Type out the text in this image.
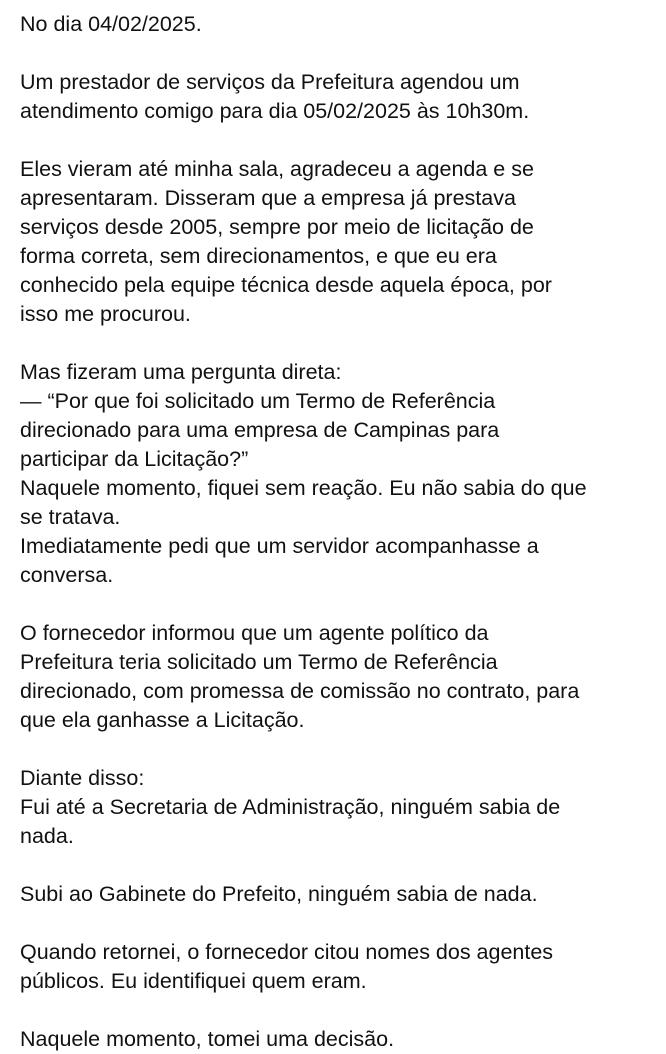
No dia 04/02/2025.
Um prestador de serviços da Prefeitura agendou um
atendimento comigo para dia 05/02/2025 às 10h30m.
Eles vieram até minha sala, agradeceu a agenda e se
apresentaram. Disseram que a empresa já prestava
serviços desde 2005, sempre por meio de licitação de
forma correta, sem direcionamentos, e que eu era
conhecido pela equipe técnica desde aquela época, por
isso me procurou.
Mas fizeram uma pergunta direta:
— “Por que foi solicitado um Termo de Referência
direcionado para uma empresa de Campinas para
participar da Licitação?”
Naquele momento, fiquei sem reação. Eu não sabia do que
se tratava.
Imediatamente pedi que um servidor acompanhasse a
conversa.
O fornecedor informou que um agente político da
Prefeitura teria solicitado um Termo de Referência
direcionado, com promessa de comissão no contrato, para
que ela ganhasse a Licitação.
Diante disso:
Fui até a Secretaria de Administração, ninguém sabia de
nada.
Subi ao Gabinete do Prefeito, ninguém sabia de nada.
Quando retornei, o fornecedor citou nomes dos agentes
públicos. Eu identifiquei quem eram.
Naquele momento, tomei uma decisão.
